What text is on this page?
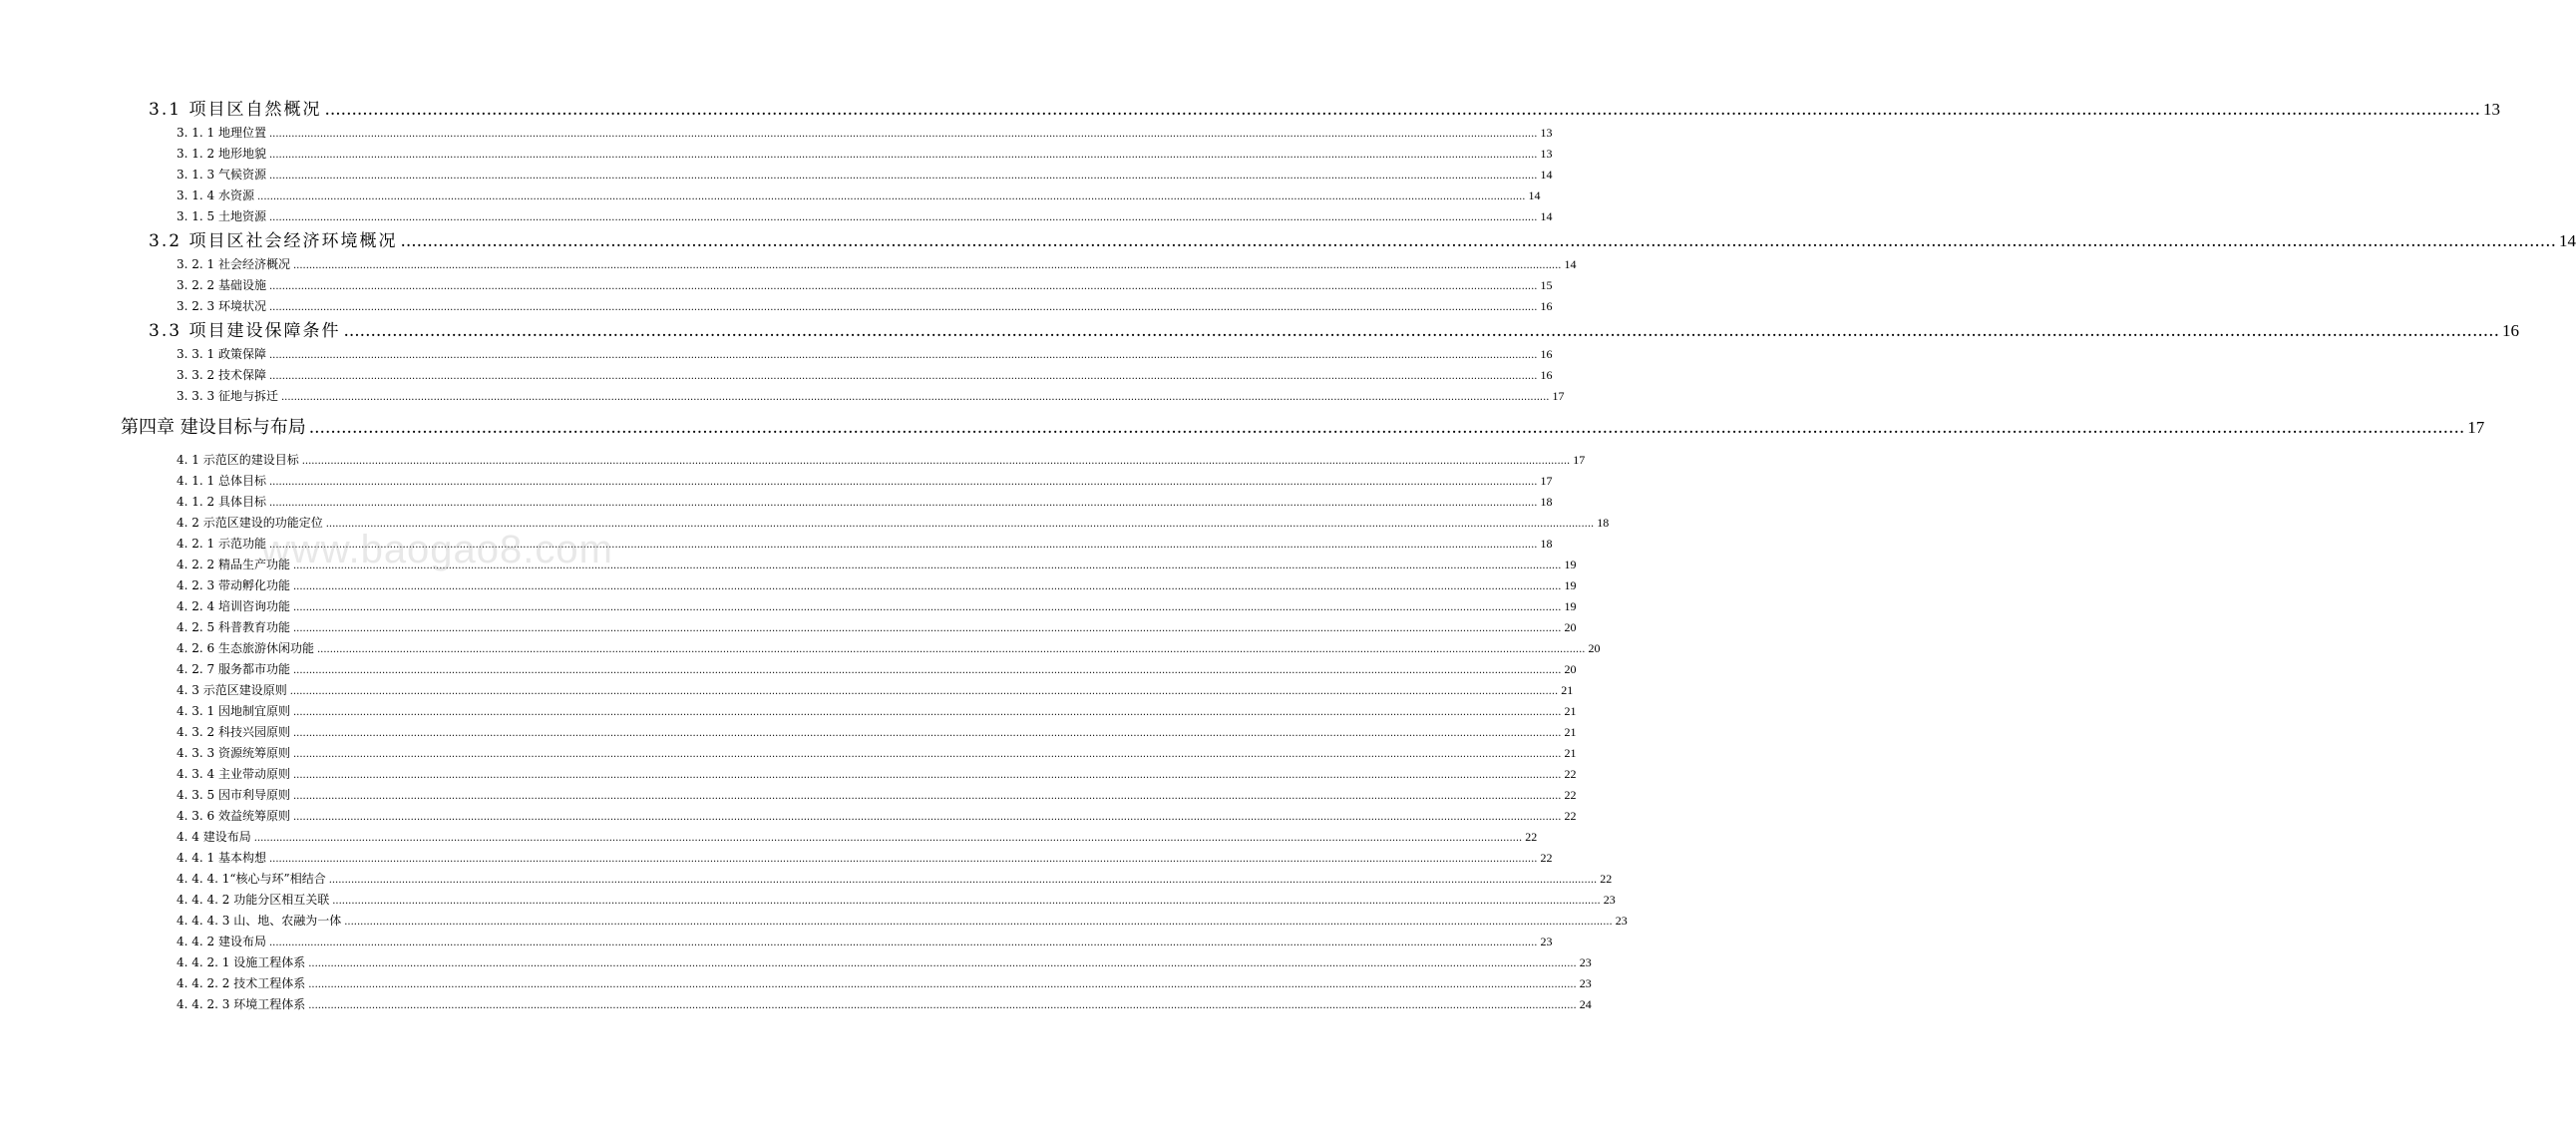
3.1 项目区自然概况 ................................................................................................................................................................................................................................................................................................................................................................................................................ 13
3. 1. 1 地理位置 ................................................................................................................................................................................................................................................................................................................................................................................................................ 13
3. 1. 2 地形地貌 ................................................................................................................................................................................................................................................................................................................................................................................................................ 13
3. 1. 3 气候资源 ................................................................................................................................................................................................................................................................................................................................................................................................................ 14
3. 1. 4 水资源 ................................................................................................................................................................................................................................................................................................................................................................................................................ 14
3. 1. 5 土地资源 ................................................................................................................................................................................................................................................................................................................................................................................................................ 14
3.2 项目区社会经济环境概况 ................................................................................................................................................................................................................................................................................................................................................................................................................ 14
3. 2. 1 社会经济概况 ................................................................................................................................................................................................................................................................................................................................................................................................................ 14
3. 2. 2 基础设施 ................................................................................................................................................................................................................................................................................................................................................................................................................ 15
3. 2. 3 环境状况 ................................................................................................................................................................................................................................................................................................................................................................................................................ 16
3.3 项目建设保障条件 ................................................................................................................................................................................................................................................................................................................................................................................................................ 16
3. 3. 1 政策保障 ................................................................................................................................................................................................................................................................................................................................................................................................................ 16
3. 3. 2 技术保障 ................................................................................................................................................................................................................................................................................................................................................................................................................ 16
3. 3. 3 征地与拆迁 ................................................................................................................................................................................................................................................................................................................................................................................................................ 17
第四章 建设目标与布局 ................................................................................................................................................................................................................................................................................................................................................................................................................ 17
4. 1 示范区的建设目标 ................................................................................................................................................................................................................................................................................................................................................................................................................ 17
4. 1. 1 总体目标 ................................................................................................................................................................................................................................................................................................................................................................................................................ 17
4. 1. 2 具体目标 ................................................................................................................................................................................................................................................................................................................................................................................................................ 18
4. 2 示范区建设的功能定位 ................................................................................................................................................................................................................................................................................................................................................................................................................ 18
4. 2. 1 示范功能 ................................................................................................................................................................................................................................................................................................................................................................................................................ 18
4. 2. 2 精品生产功能 ................................................................................................................................................................................................................................................................................................................................................................................................................ 19
4. 2. 3 带动孵化功能 ................................................................................................................................................................................................................................................................................................................................................................................................................ 19
4. 2. 4 培训咨询功能 ................................................................................................................................................................................................................................................................................................................................................................................................................ 19
4. 2. 5 科普教育功能 ................................................................................................................................................................................................................................................................................................................................................................................................................ 20
4. 2. 6 生态旅游休闲功能 ................................................................................................................................................................................................................................................................................................................................................................................................................ 20
4. 2. 7 服务都市功能 ................................................................................................................................................................................................................................................................................................................................................................................................................ 20
4. 3 示范区建设原则 ................................................................................................................................................................................................................................................................................................................................................................................................................ 21
4. 3. 1 因地制宜原则 ................................................................................................................................................................................................................................................................................................................................................................................................................ 21
4. 3. 2 科技兴园原则 ................................................................................................................................................................................................................................................................................................................................................................................................................ 21
4. 3. 3 资源统筹原则 ................................................................................................................................................................................................................................................................................................................................................................................................................ 21
4. 3. 4 主业带动原则 ................................................................................................................................................................................................................................................................................................................................................................................................................ 22
4. 3. 5 因市利导原则 ................................................................................................................................................................................................................................................................................................................................................................................................................ 22
4. 3. 6 效益统筹原则 ................................................................................................................................................................................................................................................................................................................................................................................................................ 22
4. 4 建设布局 ................................................................................................................................................................................................................................................................................................................................................................................................................ 22
4. 4. 1 基本构想 ................................................................................................................................................................................................................................................................................................................................................................................................................ 22
4. 4. 4. 1“核心与环”相结合 ................................................................................................................................................................................................................................................................................................................................................................................................................ 22
4. 4. 4. 2 功能分区相互关联 ................................................................................................................................................................................................................................................................................................................................................................................................................ 23
4. 4. 4. 3 山、地、农融为一体 ................................................................................................................................................................................................................................................................................................................................................................................................................ 23
4. 4. 2 建设布局 ................................................................................................................................................................................................................................................................................................................................................................................................................ 23
4. 4. 2. 1 设施工程体系 ................................................................................................................................................................................................................................................................................................................................................................................................................ 23
4. 4. 2. 2 技术工程体系 ................................................................................................................................................................................................................................................................................................................................................................................................................ 23
4. 4. 2. 3 环境工程体系 ................................................................................................................................................................................................................................................................................................................................................................................................................ 24
www.baogao8.com
